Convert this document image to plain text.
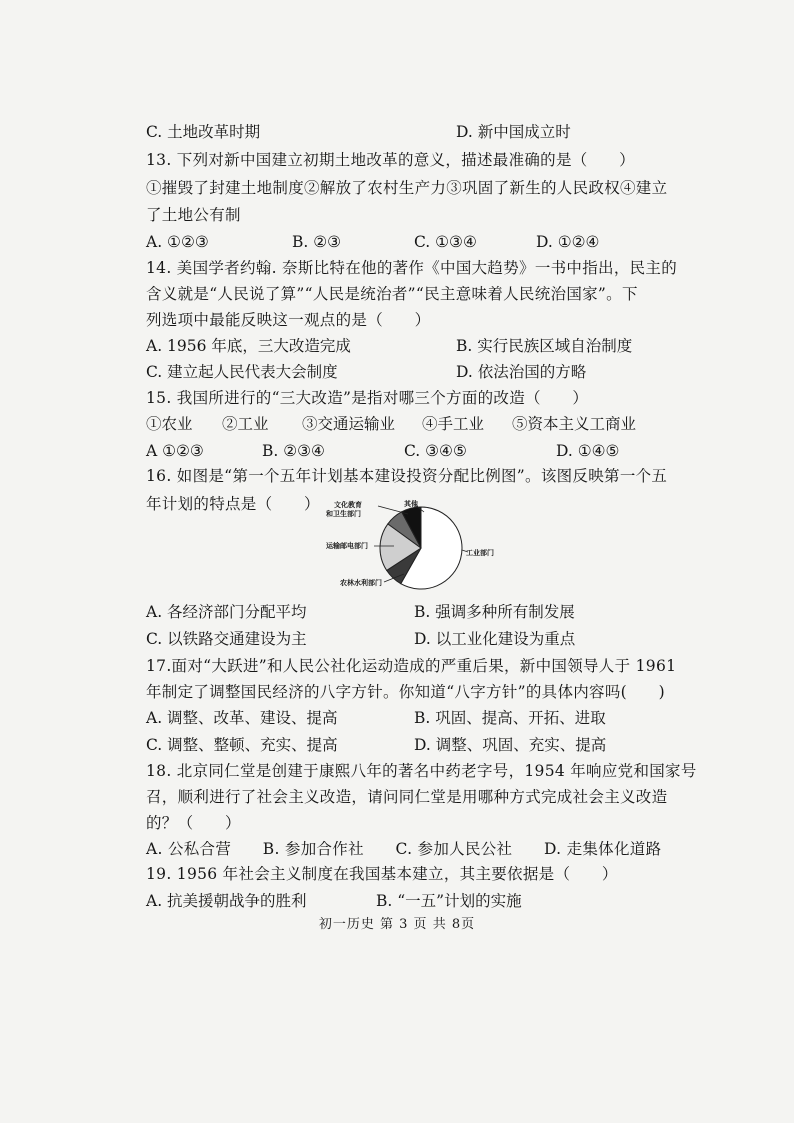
C. 土地改革时期	D. 新中国成立时
13. 下列对新中国建立初期土地改革的意义，描述最准确的是（　　）
①摧毁了封建土地制度②解放了农村生产力③巩固了新生的人民政权④建立
了土地公有制
A. ①②③	B. ②③	C. ①③④	D. ①②④
14. 美国学者约翰. 奈斯比特在他的著作《中国大趋势》一书中指出，民主的
含义就是“人民说了算”“人民是统治者”“民主意味着人民统治国家”。下
列选项中最能反映这一观点的是（　　）
A. 1956 年底，三大改造完成	B. 实行民族区域自治制度
C. 建立起人民代表大会制度	D. 依法治国的方略
15. 我国所进行的“三大改造”是指对哪三个方面的改造（　　）
①农业 ②工业 ③交通运输业 ④手工业 ⑤资本主义工商业
A ①②③	B. ②③④	C. ③④⑤	D. ①④⑤
16. 如图是“第一个五年计划基本建设投资分配比例图”。该图反映第一个五
年计划的特点是（　　） 文化教育
和卫生部门
其他
运输邮电部门
农林水利部门
工业部门
A. 各经济部门分配平均	B. 强调多种所有制发展
C. 以铁路交通建设为主	D. 以工业化建设为重点
17.面对“大跃进”和人民公社化运动造成的严重后果，新中国领导人于 1961
年制定了调整国民经济的八字方针。你知道“八字方针”的具体内容吗(　　)
A. 调整、改革、建设、提高	B. 巩固、提高、开拓、进取
C. 调整、整顿、充实、提高	D. 调整、巩固、充实、提高
18. 北京同仁堂是创建于康熙八年的著名中药老字号，1954 年响应党和国家号
召，顺利进行了社会主义改造，请问同仁堂是用哪种方式完成社会主义改造
的？（　　）
A. 公私合营　　B. 参加合作社　　C. 参加人民公社　　D. 走集体化道路
19. 1956 年社会主义制度在我国基本建立，其主要依据是（　　）
A. 抗美援朝战争的胜利	B. “一五”计划的实施
初一历史 第 3 页 共 8页
